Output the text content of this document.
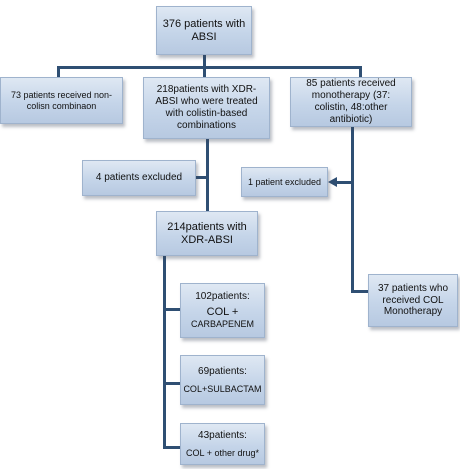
376 patients with
ABSI
73 patients received non-
colisn combinaon
218patients with XDR-
ABSI who were treated
with colistin-based
combinations
85 patients received
monotherapy (37:
colistin, 48:other
antibiotic)
4 patients excluded	1 patient excluded
214patients with
XDR-ABSI
37 patients who
received COL
Monotherapy
102patients:
COL +
CARBAPENEM
69patients:
COL+SULBACTAM
43patients:
COL + other drug*
